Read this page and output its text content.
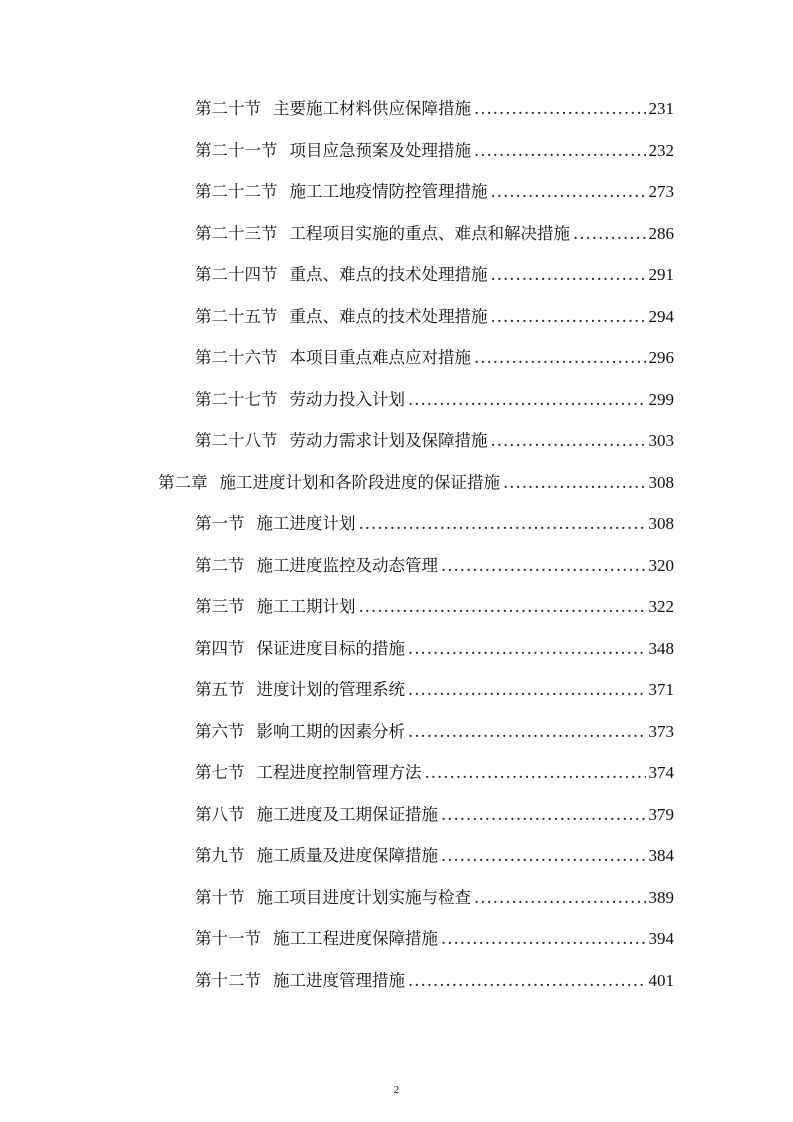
第二十节 主要施工材料供应保障措施 .....	231
第二十一节 项目应急预案及处理措施 .....	232
第二十二节 施工工地疫情防控管理措施 .....	273
第二十三节 工程项目实施的重点、难点和解决措施 .....	286
第二十四节 重点、难点的技术处理措施 .....	291
第二十五节 重点、难点的技术处理措施 .....	294
第二十六节 本项目重点难点应对措施 .....	296
第二十七节 劳动力投入计划 .....	299
第二十八节 劳动力需求计划及保障措施 .....	303
第二章 施工进度计划和各阶段进度的保证措施 .....	308
第一节 施工进度计划 .....	308
第二节 施工进度监控及动态管理 .....	320
第三节 施工工期计划 .....	322
第四节 保证进度目标的措施 .....	348
第五节 进度计划的管理系统 .....	371
第六节 影响工期的因素分析 .....	373
第七节 工程进度控制管理方法 .....	374
第八节 施工进度及工期保证措施 .....	379
第九节 施工质量及进度保障措施 .....	384
第十节 施工项目进度计划实施与检查 .....	389
第十一节 施工工程进度保障措施 .....	394
第十二节 施工进度管理措施 .....	401
2
